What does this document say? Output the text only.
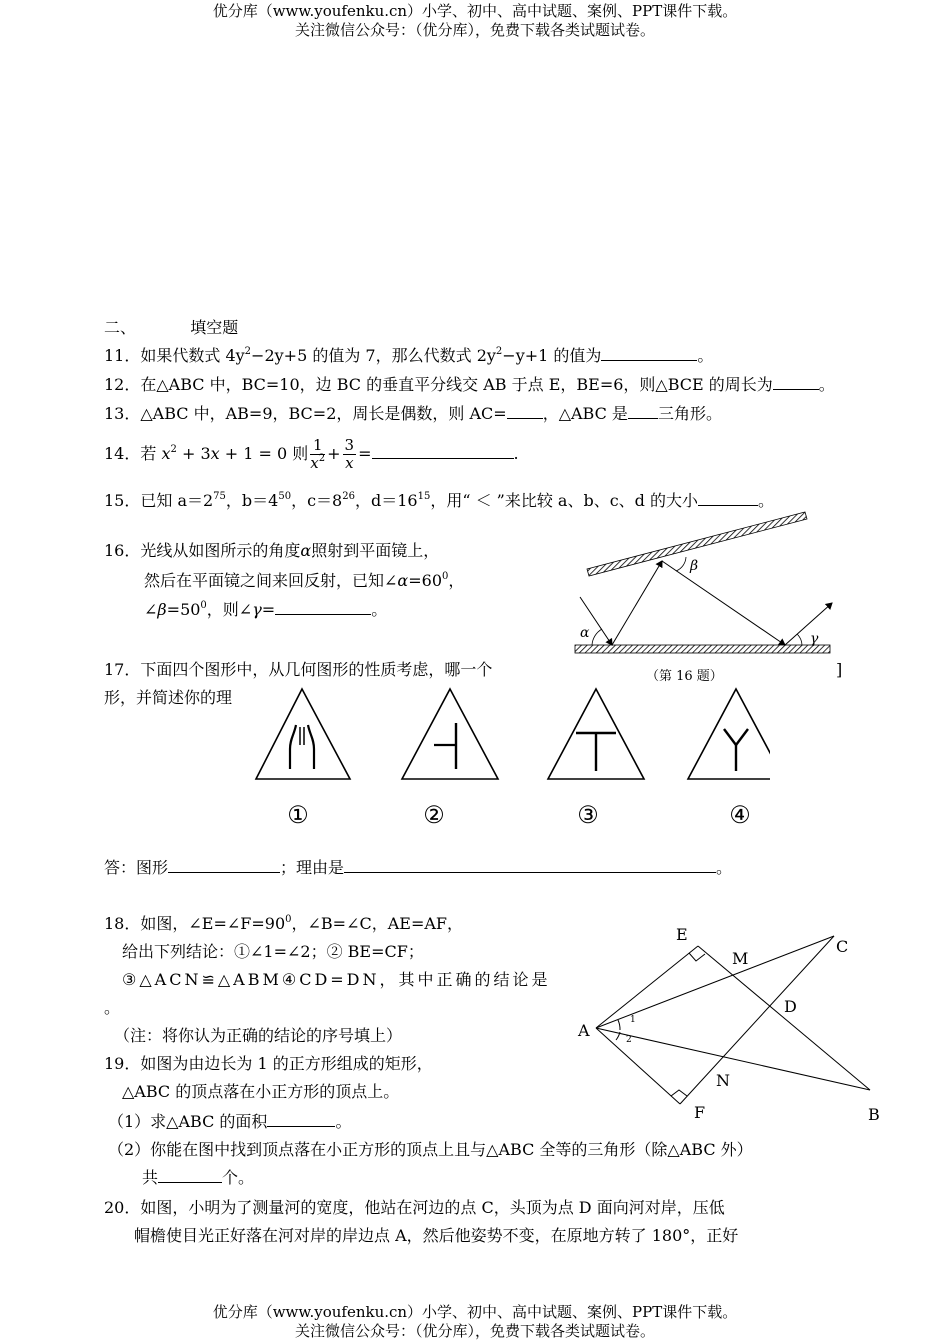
优分库（www.youfenku.cn）小学、初中、高中试题、案例、PPT课件下载。
关注微信公众号：（优分库），免费下载各类试题试卷。
二、	填空题
11．如果代数式 $4y^2-2y+5$ 的值为 7，那么代数式 $2y^2-y+1$ 的值为	。
12．在△ABC 中，BC=10，边 BC 的垂直平分线交 AB 于点 E，BE=6，则△BCE 的周长为	。
13．△ABC 中，AB=9，BC=2，周长是偶数，则 AC= ，△ABC 是 三角形。
14．若 $x^2 + 3x + 1 = 0$ 则 $\frac{1}{x^2} + \frac{3}{x}$ =	.
15．已知 $a=2^{75}$，$b=4^{50}$，$c=8^{26}$，$d=16^{15}$，用“ ＜ ”来比较 a、b、c、d 的大小	。
16．光线从如图所示的角度α照射到平面镜上，
然后在平面镜之间来回反射，已知$\angle\alpha=60^0$，
$\angle\beta=50^0$，则∠γ=	。
α
β
γ
（第 16 题）
17．下面四个图形中，从几何图形的性质考虑，哪一个
形，并简述你的理
]
①	②	③	④
答：图形	；理由是	。
18．如图，$\angle E=\angle F=90^0$，∠B=∠C，AE=AF，
给出下列结论：①∠1=∠2；② BE=CF；
③△ACN≌△ABM④CD=DN，其中正确的结论是
。
（注：将你认为正确的结论的序号填上）
E
M
C
D
A
N
F	B
1
2
19．如图为由边长为 1 的正方形组成的矩形，
△ABC 的顶点落在小正方形的顶点上。
（1）求△ABC 的面积	。
（2）你能在图中找到顶点落在小正方形的顶点上且与△ABC 全等的三角形（除△ABC 外）
共	个。
20．如图，小明为了测量河的宽度，他站在河边的点 C，头顶为点 D 面向河对岸，压低
帽檐使目光正好落在河对岸的岸边点 A，然后他姿势不变，在原地方转了 180°，正好
优分库（www.youfenku.cn）小学、初中、高中试题、案例、PPT课件下载。
关注微信公众号：（优分库），免费下载各类试题试卷。
